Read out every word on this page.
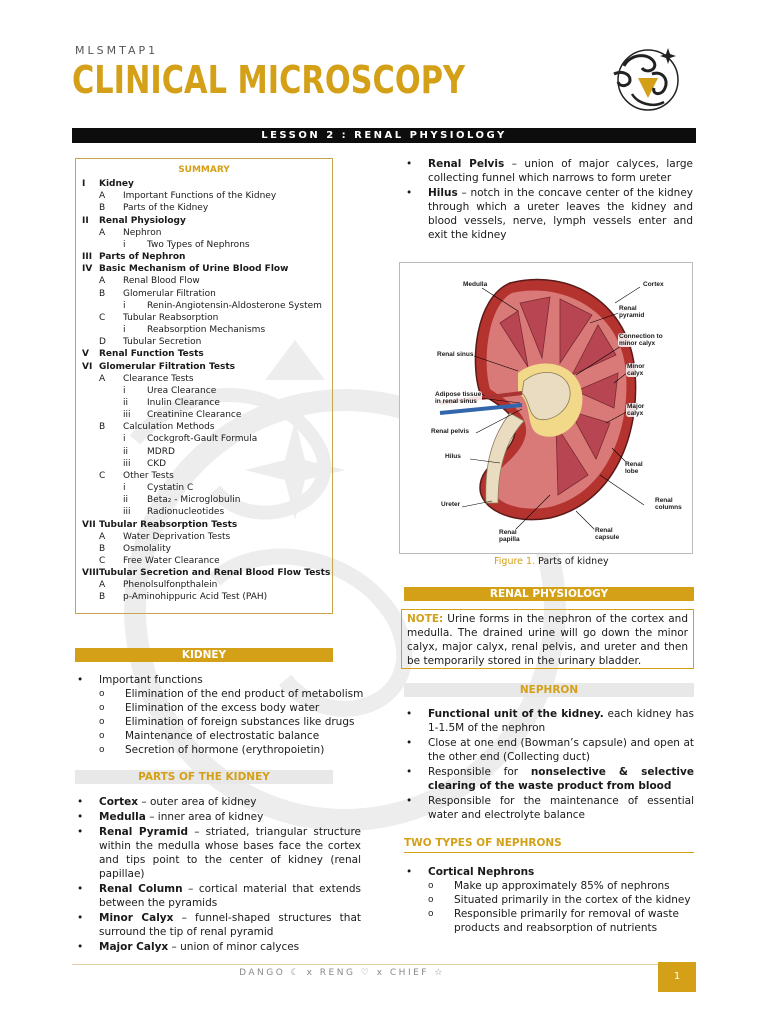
MLSMTAP1
CLINICAL MICROSCOPY
LESSON 2 : RENAL PHYSIOLOGY
SUMMARY
I	Kidney
A	Important Functions of the Kidney
B	Parts of the Kidney
II	Renal Physiology
A	Nephron
i	Two Types of Nephrons
III Parts of Nephron
IV Basic Mechanism of Urine Blood Flow
A	Renal Blood Flow
B	Glomerular Filtration
i	Renin-Angiotensin-Aldosterone System
C	Tubular Reabsorption
i	Reabsorption Mechanisms
D	Tubular Secretion
V	Renal Function Tests
VI Glomerular Filtration Tests
A	Clearance Tests
i	Urea Clearance
ii	Inulin Clearance
iii	Creatinine Clearance
B	Calculation Methods
i	Cockgroft-Gault Formula
ii	MDRD
iii	CKD
C	Other Tests
i	Cystatin C
ii	Beta₂ - Microglobulin
iii	Radionucleotides
VII Tubular Reabsorption Tests
A	Water Deprivation Tests
B	Osmolality
C	Free Water Clearance
VIII Tubular Secretion and Renal Blood Flow Tests
A	Phenolsulfonpthalein
B	p-Aminohippuric Acid Test (PAH)
KIDNEY
• Important functions
o Elimination of the end product of metabolism
o Elimination of the excess body water
o Elimination of foreign substances like drugs
o Maintenance of electrostatic balance
o Secretion of hormone (erythropoietin)
PARTS OF THE KIDNEY
• Cortex – outer area of kidney
• Medulla – inner area of kidney
• Renal Pyramid – striated, triangular structure within the medulla whose bases face the cortex and tips point to the center of kidney (renal papillae)
• Renal Column – cortical material that extends between the pyramids
• Minor Calyx – funnel-shaped structures that surround the tip of renal pyramid
• Major Calyx – union of minor calyces
• Renal Pelvis – union of major calyces, large collecting funnel which narrows to form ureter
• Hilus – notch in the concave center of the kidney through which a ureter leaves the kidney and blood vessels, nerve, lymph vessels enter and exit the kidney
Medulla	Cortex
Renal
pyramid
Connection to
minor calyx
Renal sinus
Minor
calyx
Adipose tissue
in renal sinus
Major
calyx
Renal pelvis
Hilus
Renal
lobe
Ureter
Renal
columns
Renal
papilla
Renal
capsule
Figure 1. Parts of kidney
RENAL PHYSIOLOGY
NOTE: Urine forms in the nephron of the cortex and medulla. The drained urine will go down the minor calyx, major calyx, renal pelvis, and ureter and then be temporarily stored in the urinary bladder.
NEPHRON
• Functional unit of the kidney. each kidney has 1-1.5M of the nephron
• Close at one end (Bowman’s capsule) and open at the other end (Collecting duct)
• Responsible for nonselective & selective clearing of the waste product from blood
• Responsible for the maintenance of essential water and electrolyte balance
TWO TYPES OF NEPHRONS
• Cortical Nephrons
o Make up approximately 85% of nephrons
o Situated primarily in the cortex of the kidney
o Responsible primarily for removal of waste products and reabsorption of nutrients
DANGO ☾ x RENG ♡ x CHIEF ☆	1
